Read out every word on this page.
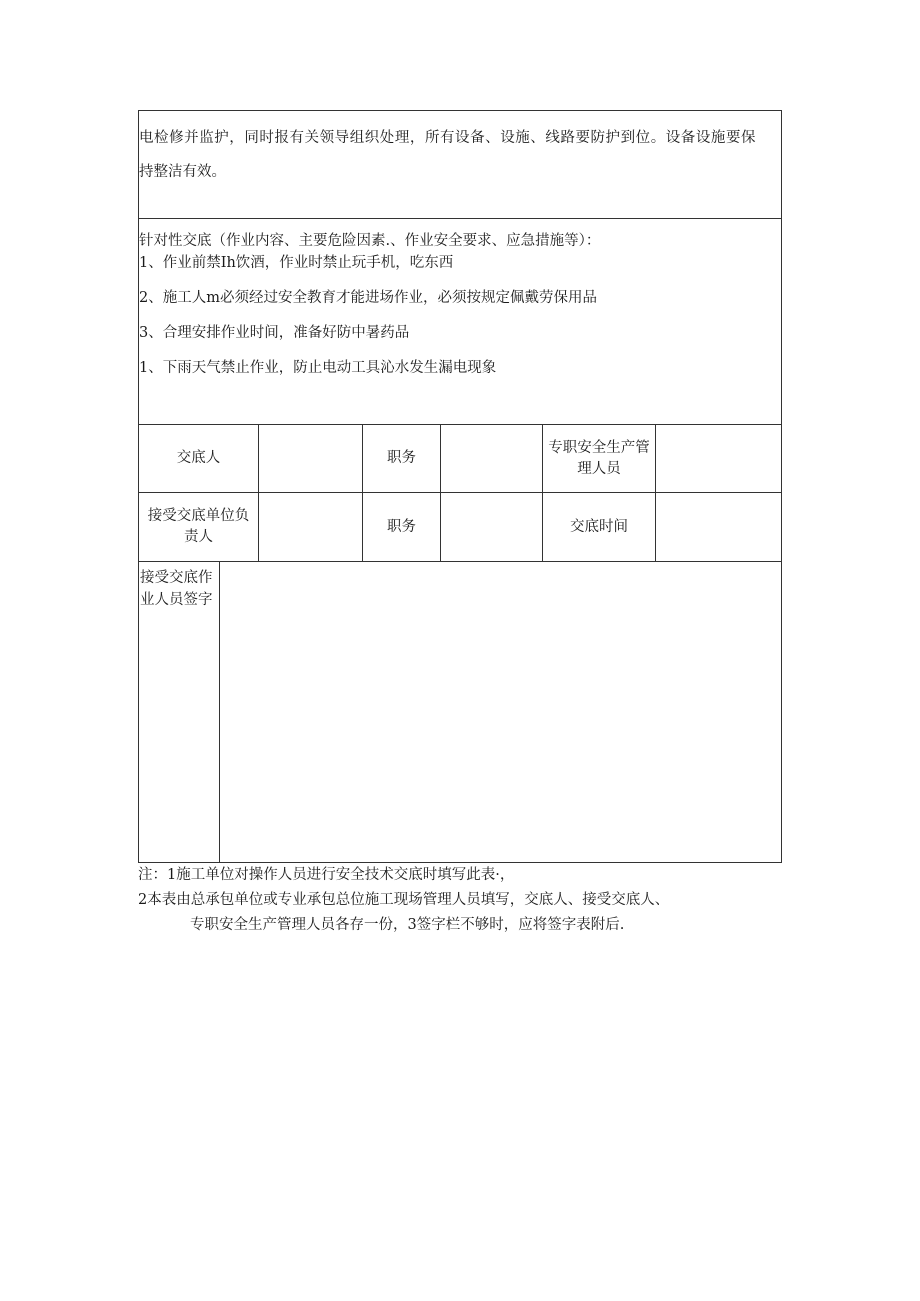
电检修并监护，同时报有关领导组织处理，所有设备、设施、线路要防护到位。设备设施要保
持整洁有效。
针对性交底（作业内容、主要危险因素.、作业安全要求、应急措施等）：
1、作业前禁Ih饮酒，作业时禁止玩手机，吃东西
2、施工人m必须经过安全教育才能进场作业，必须按规定佩戴劳保用品
3、合理安排作业时间，准备好防中暑药品
1、下雨天气禁止作业，防止电动工具沁水发生漏电现象
交底人	职务
专职安全生产管理人员
接受交底单位负责人
职务	交底时间
接受交底作业人员签字
注：1施工单位对操作人员进行安全技术交底时填写此表·，
2本表由总承包单位或专业承包总位施工现场管理人员填写，交底人、接受交底人、
专职安全生产管理人员各存一份，3签字栏不够时，应将签字表附后.
